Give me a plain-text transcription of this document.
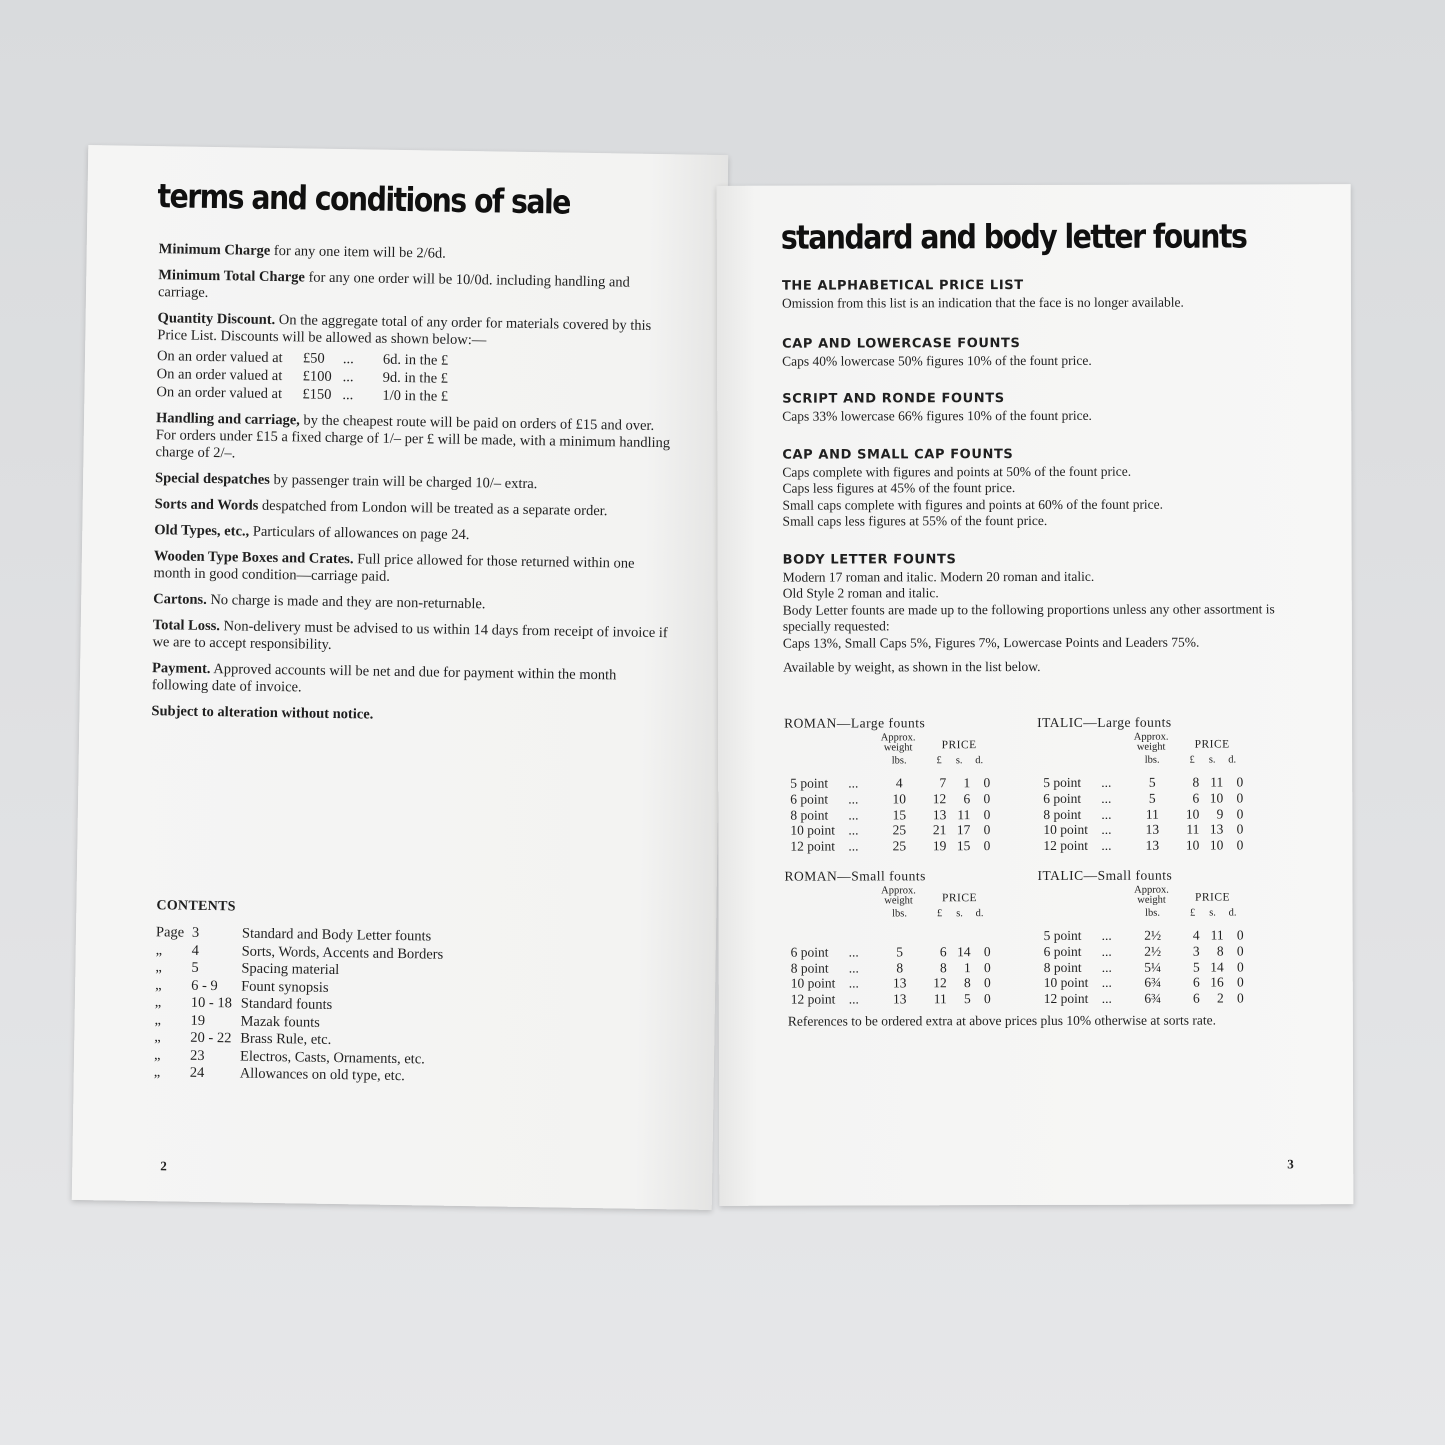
terms and conditions of sale

Minimum Charge for any one item will be 2/6d.

Minimum Total Charge for any one order will be 10/0d. including handling and carriage.

Quantity Discount. On the aggregate total of any order for materials covered by this Price List. Discounts will be allowed as shown below:—

On an order valued at	£50	...	6d. in the £
On an order valued at	£100 ...	9d. in the £
On an order valued at	£150 ...	1/0 in the £

Handling and carriage, by the cheapest route will be paid on orders of £15 and over. For orders under £15 a fixed charge of 1/– per £ will be made, with a minimum handling charge of 2/–.

Special despatches by passenger train will be charged 10/– extra.

Sorts and Words despatched from London will be treated as a separate order.

Old Types, etc., Particulars of allowances on page 24.

Wooden Type Boxes and Crates. Full price allowed for those returned within one month in good condition—carriage paid.

Cartons. No charge is made and they are non-returnable.

Total Loss. Non-delivery must be advised to us within 14 days from receipt of invoice if we are to accept responsibility.

Payment. Approved accounts will be net and due for payment within the month following date of invoice.

Subject to alteration without notice.

CONTENTS
Page 3	Standard and Body Letter founts
„	4	Sorts, Words, Accents and Borders
„	5	Spacing material
„	6 - 9	Fount synopsis
„	10 - 18 Standard founts
„	19	Mazak founts
„	20 - 22 Brass Rule, etc.
„	23	Electros, Casts, Ornaments, etc.
„	24	Allowances on old type, etc.
2
standard and body letter founts
THE ALPHABETICAL PRICE LIST

Omission from this list is an indication that the face is no longer available.

CAP AND LOWERCASE FOUNTS

Caps 40% lowercase 50% figures 10% of the fount price.

SCRIPT AND RONDE FOUNTS

Caps 33% lowercase 66% figures 10% of the fount price.

CAP AND SMALL CAP FOUNTS

Caps complete with figures and points at 50% of the fount price.

Caps less figures at 45% of the fount price.

Small caps complete with figures and points at 60% of the fount price.

Small caps less figures at 55% of the fount price.

BODY LETTER FOUNTS

Modern 17 roman and italic. Modern 20 roman and italic.

Old Style 2 roman and italic.

Body Letter founts are made up to the following proportions unless any other assortment is specially requested:

Caps 13%, Small Caps 5%, Figures 7%, Lowercase Points and Leaders 75%.

Available by weight, as shown in the list below.

ROMAN—Large founts
Approx.
weight	PRICE
lbs.	£	s.	d.
5 point ...	4	7	1 0
6 point ...	10	12	6 0
8 point ...	15	13 11 0
10 point ...	25	21 17 0
12 point ...	25	19 15 0
ITALIC—Large founts
Approx.
weight	PRICE
lbs.	£	s.	d.
5 point ...	5	8 11 0
6 point ...	5	6 10 0
8 point ...	11	10	9 0
10 point ...	13	11 13 0
12 point ...	13	10 10 0
ROMAN—Small founts
Approx.
weight	PRICE
lbs.	£	s.	d.
6 point ...	5	6 14 0
8 point ...	8	8	1 0
10 point ...	13	12	8 0
12 point ...	13	11	5 0
ITALIC—Small founts
Approx.
weight	PRICE
lbs.	£	s.	d.
5 point ...	2½	4 11 0
6 point ...	2½	3	8 0
8 point ...	5¼	5 14 0
10 point ...	6¾	6 16 0
12 point ...	6¾	6	2 0
References to be ordered extra at above prices plus 10% otherwise at sorts rate.
3
